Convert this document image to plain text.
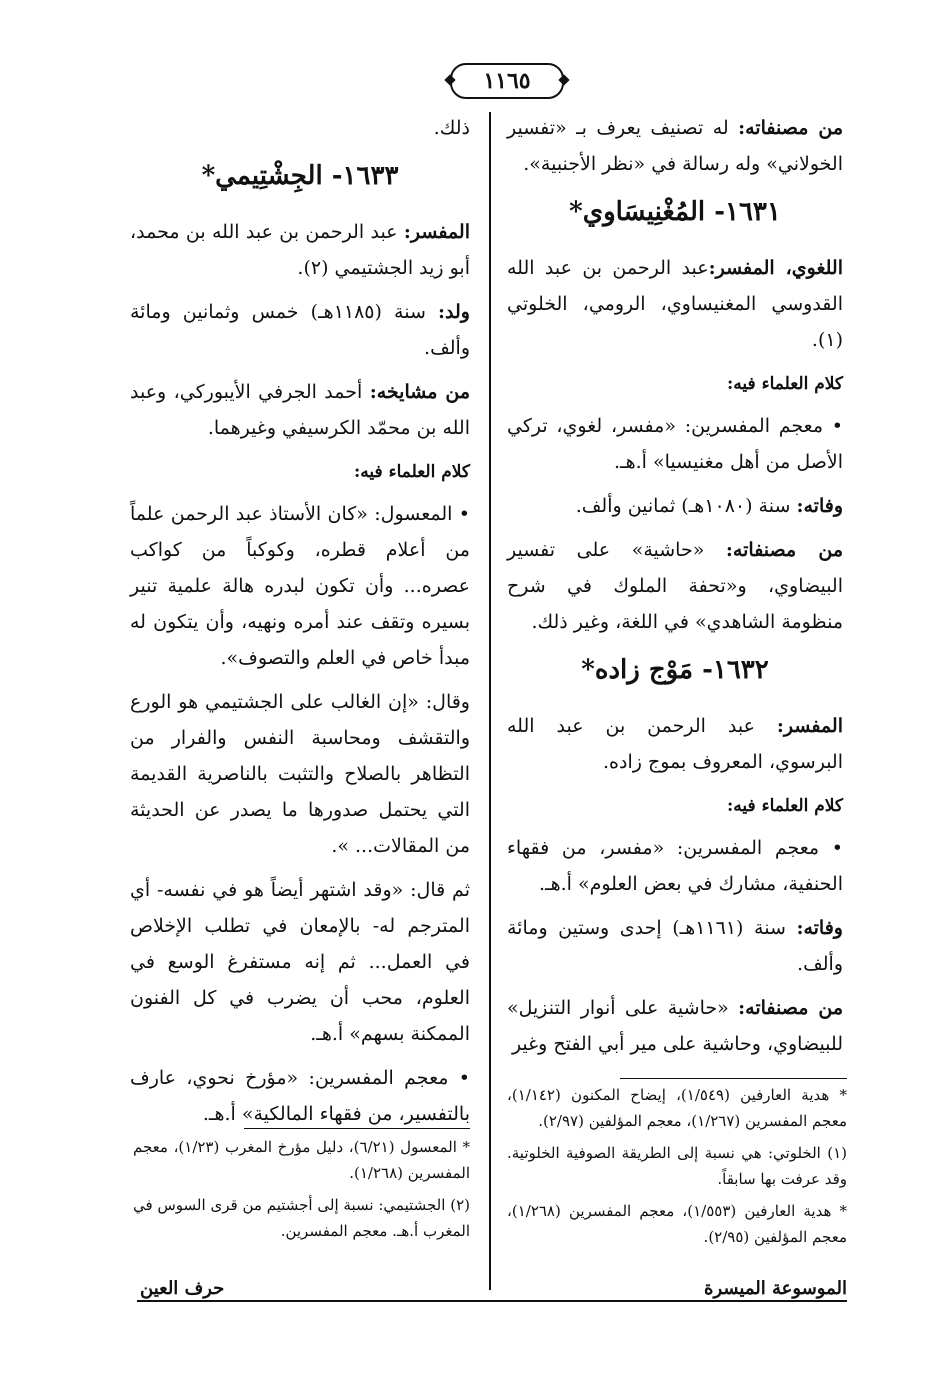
١١٦٥

من مصنفاته: له تصنيف يعرف بـ «تفسير الخولاني» وله رسالة في «نظر الأجنبية».

١٦٣١- المُغْنِيسَاوي*

اللغوي، المفسر:عبد الرحمن بن عبد الله القدوسي المغنيساوي، الرومي، الخلوتي (١).

كلام العلماء فيه:

• معجم المفسرين: «مفسر، لغوي، تركي الأصل من أهل مغنيسيا» أ.هـ.

وفاته: سنة (١٠٨٠هـ) ثمانين وألف.

من مصنفاته: «حاشية» على تفسير البيضاوي، و«تحفة الملوك في شرح منظومة الشاهدي» في اللغة، وغير ذلك.

١٦٣٢- مَوْج زاده*

المفسر: عبد الرحمن بن عبد الله البرسوي، المعروف بموج زاده.

كلام العلماء فيه:

• معجم المفسرين: «مفسر، من فقهاء الحنفية، مشارك في بعض العلوم» أ.هـ.

وفاته: سنة (١١٦١هـ) إحدى وستين ومائة وألف.

من مصنفاته: «حاشية على أنوار التنزيل» للبيضاوي، وحاشية على مير أبي الفتح وغير

* هدية العارفين (١/٥٤٩)، إيضاح المكنون (١/١٤٢)، معجم المفسرين (١/٢٦٧)، معجم المؤلفين (٢/٩٧).

(١) الخلوتي: هي نسبة إلى الطريقة الصوفية الخلوتية. وقد عرفت بها سابقاً.

* هدية العارفين (١/٥٥٣)، معجم المفسرين (١/٢٦٨)، معجم المؤلفين (٢/٩٥).

ذلك.

١٦٣٣- الجِشْتِيمي*

المفسر: عبد الرحمن بن عبد الله بن محمد، أبو زيد الجشتيمي (٢).

ولد: سنة (١١٨٥هـ) خمس وثمانين ومائة وألف.

من مشايخه: أحمد الجرفي الأيبوركي، وعبد الله بن محمّد الكرسيفي وغيرهما.

كلام العلماء فيه:

• المعسول: «كان الأستاذ عبد الرحمن علماً من أعلام قطره، وكوكباً من كواكب عصره... وأن تكون لبدره هالة علمية تنير بسيره وتقف عند أمره ونهيه، وأن يتكون له مبدأ خاص في العلم والتصوف».

وقال: «إن الغالب على الجشتيمي هو الورع والتقشف ومحاسبة النفس والفرار من التظاهر بالصلاح والتثبت بالناصرية القديمة التي يحتمل صدورها ما يصدر عن الحديثة من المقالات... ».

ثم قال: «وقد اشتهر أيضاً هو في نفسه- أي المترجم له- بالإمعان في تطلب الإخلاص في العمل... ثم إنه مستفرغ الوسع في العلوم، محب أن يضرب في كل الفنون الممكنة بسهم» أ.هـ.

• معجم المفسرين: «مؤرخ نحوي، عارف بالتفسير، من فقهاء المالكية» أ.هـ.

* المعسول (٦/٢١)، دليل مؤرخ المغرب (١/٢٣)، معجم المفسرين (١/٢٦٨).

(٢) الجشتيمي: نسبة إلى أجشتيم من قرى السوس في المغرب أ.هـ. معجم المفسرين.

الموسوعة الميسرة
حرف العين
